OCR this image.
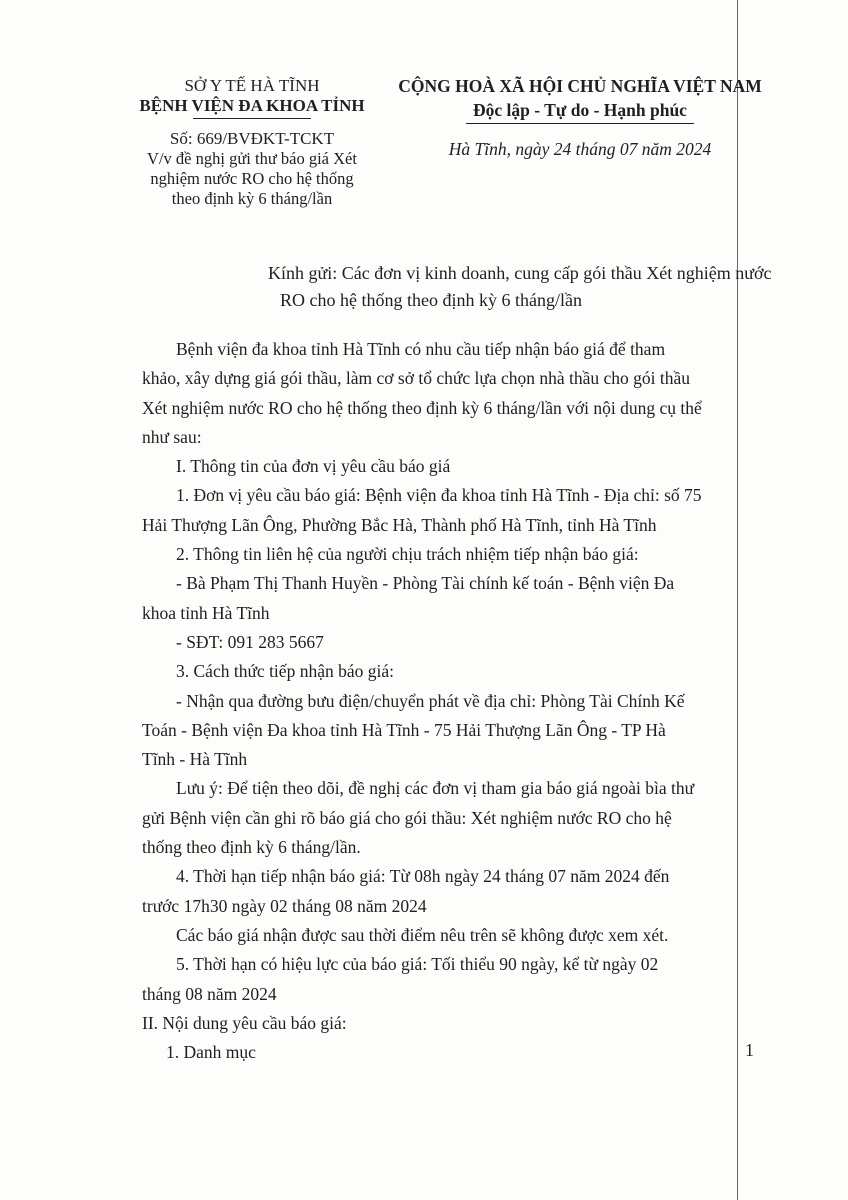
SỞ Y TẾ HÀ TĨNH
BỆNH VIỆN ĐA KHOA TỈNH
Số: 669/BVĐKT-TCKT
V/v đề nghị gửi thư báo giá Xét
nghiệm nước RO cho hệ thống
theo định kỳ 6 tháng/lần
CỘNG HOÀ XÃ HỘI CHỦ NGHĨA VIỆT NAM
Độc lập - Tự do - Hạnh phúc
Hà Tĩnh, ngày 24 tháng 07 năm 2024
Kính gửi: Các đơn vị kinh doanh, cung cấp gói thầu Xét nghiệm nước
RO cho hệ thống theo định kỳ 6 tháng/lần

Bệnh viện đa khoa tỉnh Hà Tĩnh có nhu cầu tiếp nhận báo giá để tham

khảo, xây dựng giá gói thầu, làm cơ sở tổ chức lựa chọn nhà thầu cho gói thầu

Xét nghiệm nước RO cho hệ thống theo định kỳ 6 tháng/lần với nội dung cụ thể

như sau:

I. Thông tin của đơn vị yêu cầu báo giá

1. Đơn vị yêu cầu báo giá: Bệnh viện đa khoa tỉnh Hà Tĩnh - Địa chỉ: số 75

Hải Thượng Lãn Ông, Phường Bắc Hà, Thành phố Hà Tĩnh, tỉnh Hà Tĩnh

2. Thông tin liên hệ của người chịu trách nhiệm tiếp nhận báo giá:

- Bà Phạm Thị Thanh Huyền - Phòng Tài chính kế toán - Bệnh viện Đa

khoa tỉnh Hà Tĩnh

- SĐT: 091 283 5667

3. Cách thức tiếp nhận báo giá:

- Nhận qua đường bưu điện/chuyển phát về địa chỉ: Phòng Tài Chính Kế

Toán - Bệnh viện Đa khoa tỉnh Hà Tĩnh - 75 Hải Thượng Lãn Ông - TP Hà

Tĩnh - Hà Tĩnh

Lưu ý: Để tiện theo dõi, đề nghị các đơn vị tham gia báo giá ngoài bìa thư

gửi Bệnh viện cần ghi rõ báo giá cho gói thầu: Xét nghiệm nước RO cho hệ

thống theo định kỳ 6 tháng/lần.

4. Thời hạn tiếp nhận báo giá: Từ 08h ngày 24 tháng 07 năm 2024 đến

trước 17h30 ngày 02 tháng 08 năm 2024

Các báo giá nhận được sau thời điểm nêu trên sẽ không được xem xét.

5. Thời hạn có hiệu lực của báo giá: Tối thiểu 90 ngày, kể từ ngày 02

tháng 08 năm 2024

II. Nội dung yêu cầu báo giá:

1. Danh mục	1
